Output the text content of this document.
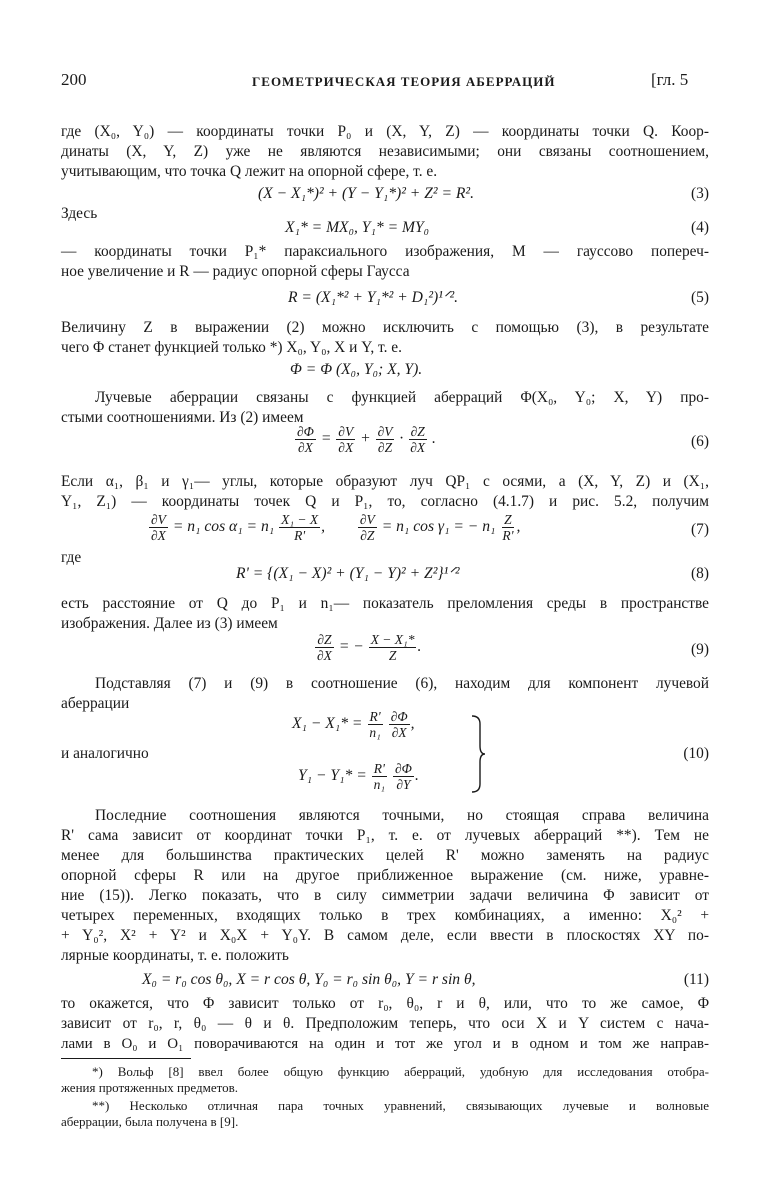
200	ГЕОМЕТРИЧЕСКАЯ ТЕОРИЯ АБЕРРАЦИЙ	[гл. 5
где (X₀, Y₀) — координаты точки P₀ и (X, Y, Z) — координаты точки Q. Коор-
динаты (X, Y, Z) уже не являются независимыми; они связаны соотношением,
учитывающим, что точка Q лежит на опорной сфере, т. е.
(X − X₁*)² + (Y − Y₁*)² + Z² = R².	(3)
Здесь
X₁* = MX₀, Y₁* = MY₀	(4)
— координаты точки P₁* параксиального изображения, M — гауссово попереч-
ное увеличение и R — радиус опорной сферы Гаусса
R = (X₁*² + Y₁*² + D₁²)¹ᐟ².	(5)
Величину Z в выражении (2) можно исключить с помощью (3), в результате
чего Φ станет функцией только *) X₀, Y₀, X и Y, т. е.
Φ = Φ (X₀, Y₀; X, Y).
Лучевые аберрации связаны с функцией аберраций Φ(X₀, Y₀; X, Y) про-
стыми соотношениями. Из (2) имеем
$\frac{\partial\Phi}{\partial X} = \frac{\partial V}{\partial X} + \frac{\partial V}{\partial Z} \cdot \frac{\partial Z}{\partial X}$ .	(6)
Если α₁, β₁ и γ₁— углы, которые образуют луч QP₁ с осями, а (X, Y, Z) и (X₁,
Y₁, Z₁) — координаты точек Q и P₁, то, согласно (4.1.7) и рис. 5.2, получим
$\frac{\partial V}{\partial X} = n_1$ $\cos \alpha_1 = n_1 \frac{\text{X₁ − X}}{R'}$ , $\frac{\partial V}{\partial Z} = n_1$ cos γ₁ = − $n_1 \frac{Z}{R'}$ ,	(7)
где
R' = {(X₁ − X)² + (Y₁ − Y)² + Z²}¹ᐟ²	(8)
есть расстояние от Q до P₁ и n₁— показатель преломления среды в пространстве
изображения. Далее из (3) имеем
$\frac{\partial Z}{\partial X}$ = − $\frac{\text{X − X₁*}}{Z}$ .	(9)
Подставляя (7) и (9) в соотношение (6), находим для компонент лучевой
аберрации
$X_1 - X_1* = \frac{R'}{\text{n₁}}$
$\frac{\partial\Phi}{\partial X}$ ,
и аналогично
$Y_1 - Y_1* = \frac{R'}{\text{n₁}}$
$\frac{\partial\Phi}{\partial Y}$ .
(10)
Последние соотношения являются точными, но стоящая справа величина
R' сама зависит от координат точки P₁, т. е. от лучевых аберраций **). Тем не
менее для большинства практических целей R' можно заменять на радиус
опорной сферы R или на другое приближенное выражение (см. ниже, уравне-
ние (15)). Легко показать, что в силу симметрии задачи величина Φ зависит от
четырех переменных, входящих только в трех комбинациях, а именно: X₀² +
+ Y₀², X² + Y² и X₀X + Y₀Y. В самом деле, если ввести в плоскостях XY по-
лярные координаты, т. е. положить
X₀ = r₀ cos θ₀, X = r cos θ, Y₀ = r₀ sin θ₀, Y = r sin θ,	(11)
то окажется, что Φ зависит только от r₀, θ₀, r и θ, или, что то же самое, Φ
зависит от r₀, r, θ₀ — θ и θ. Предположим теперь, что оси X и Y систем с нача-
лами в O₀ и O₁ поворачиваются на один и тот же угол и в одном и том же направ-
*) Вольф [8] ввел более общую функцию аберраций, удобную для исследования отобра-
жения протяженных предметов.
**) Несколько отличная пара точных уравнений, связывающих лучевые и волновые
аберрации, была получена в [9].
